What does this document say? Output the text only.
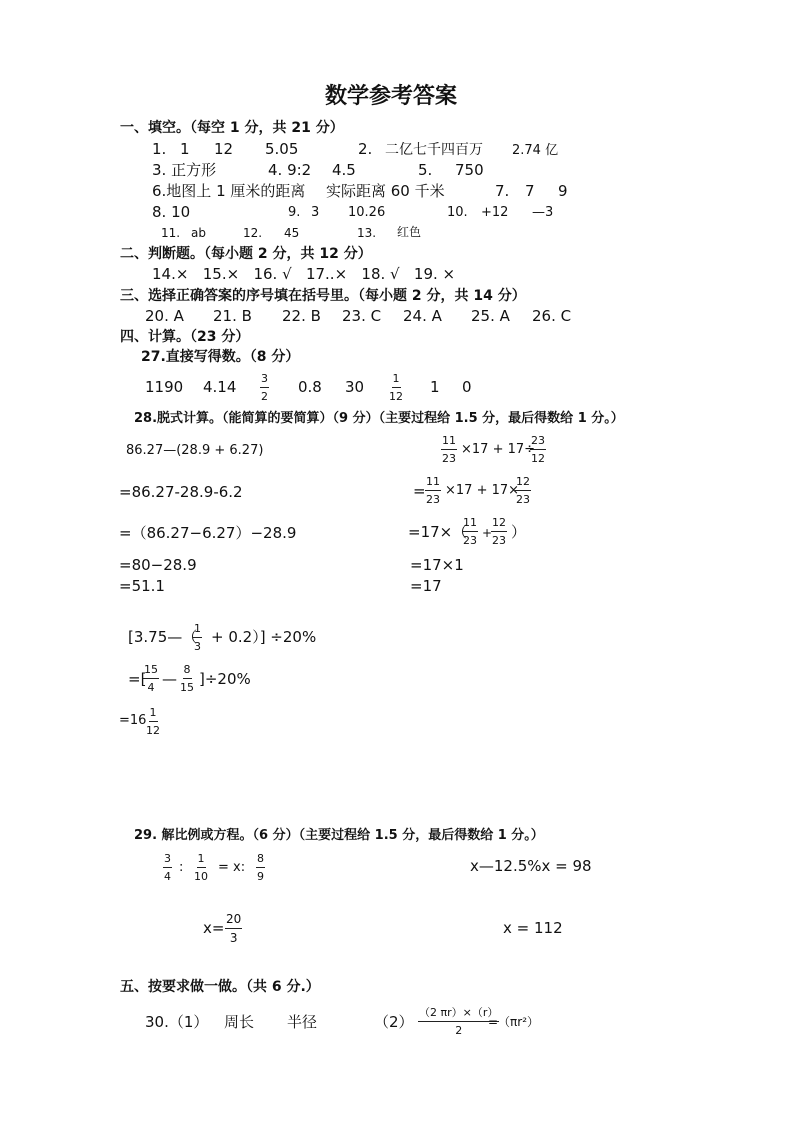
数学参考答案
一、填空。（每空 1 分，共 21 分）
1. 1 12 5.05	2. 二亿七千四百万 2.74 亿
3. 正方形	4. 9:2 4.5	5. 750
6.地图上 1 厘米的距离 实际距离 60 千米	7. 7 9
8. 10	9. 3 10.26	10. +12 —3
11. ab	12. 45	13. 红色
二、判断题。（每小题 2 分，共 12 分）
14.×   15.×   16. √   17..×   18. √   19. ×
三、选择正确答案的序号填在括号里。（每小题 2 分，共 14 分）
20. A 21. B 22. B 23. C 24. A 25. A 26. C
四、计算。（23 分）
27.直接写得数。（8 分）
1190 4.14 3
2
0.8 30	1
12
1 0
28.脱式计算。（能简算的要简算）（9 分）（主要过程给 1.5 分，最后得数给 1 分。）
86.27—(28.9 + 6.27)
=86.27-28.9-6.2
=（86.27−6.27）−28.9
=80−28.9
=51.1
11
23
×17 + 17÷
23
12
=
11
23
×17 + 17×
12
23
=17×（
11
23
+
12
23 ）
=17×1
=17
[3.75—（
1
3
+ 0.2）] ÷20%
=[
15
4 —
8
15 ]÷20%
=16
1
12
29. 解比例或方程。（6 分）（主要过程给 1.5 分，最后得数给 1 分。）
3
4
:
1
10
= x:
8
9
x—12.5%x = 98
x= 20
3
x = 112
五、按要求做一做。（共 6 分.）
30.（1） 周长 半径	（2）
（2 πr）×（r）
2
=（πr²）
